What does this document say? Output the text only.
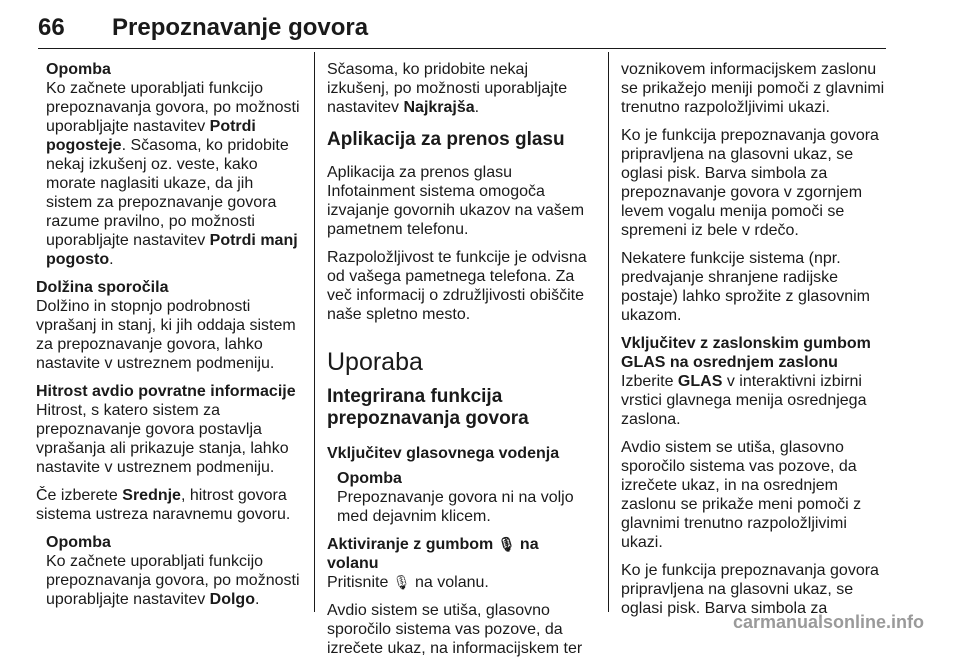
66 Prepoznavanje govora
Opomba
Ko začnete uporabljati funkcijo prepoznavanja govora, po možnosti uporabljajte nastavitev Potrdi pogosteje. Sčasoma, ko pridobite nekaj izkušenj oz. veste, kako morate naglasiti ukaze, da jih sistem za prepoznavanje govora razume pravilno, po možnosti uporabljajte nastavitev Potrdi manj pogosto.
Dolžina sporočila
Dolžino in stopnjo podrobnosti vprašanj in stanj, ki jih oddaja sistem za prepoznavanje govora, lahko nastavite v ustreznem podmeniju.
Hitrost avdio povratne informacije
Hitrost, s katero sistem za prepoznavanje govora postavlja vprašanja ali prikazuje stanja, lahko nastavite v ustreznem podmeniju.

Če izberete Srednje, hitrost govora sistema ustreza naravnemu govoru.

Opomba
Ko začnete uporabljati funkcijo prepoznavanja govora, po možnosti uporabljajte nastavitev Dolgo.

Sčasoma, ko pridobite nekaj izkušenj, po možnosti uporabljajte nastavitev Najkrajša.

Aplikacija za prenos glasu

Aplikacija za prenos glasu Infotainment sistema omogoča izvajanje govornih ukazov na vašem pametnem telefonu.

Razpoložljivost te funkcije je odvisna od vašega pametnega telefona. Za več informacij o združljivosti obiščite naše spletno mesto.

Uporaba
Integrirana funkcija prepoznavanja govora
Vključitev glasovnega vodenja
Opomba
Prepoznavanje govora ni na voljo med dejavnim klicem.
Aktiviranje z gumbom 🎙 na volanu

Pritisnite 🎙 na volanu.

Avdio sistem se utiša, glasovno sporočilo sistema vas pozove, da izrečete ukaz, na informacijskem ter

voznikovem informacijskem zaslonu se prikažejo meniji pomoči z glavnimi trenutno razpoložljivimi ukazi.

Ko je funkcija prepoznavanja govora pripravljena na glasovni ukaz, se oglasi pisk. Barva simbola za prepoznavanje govora v zgornjem levem vogalu menija pomoči se spremeni iz bele v rdečo.

Nekatere funkcije sistema (npr. predvajanje shranjene radijske postaje) lahko sprožite z glasovnim ukazom.

Vključitev z zaslonskim gumbom GLAS na osrednjem zaslonu

Izberite GLAS v interaktivni izbirni vrstici glavnega menija osrednjega zaslona.

Avdio sistem se utiša, glasovno sporočilo sistema vas pozove, da izrečete ukaz, in na osrednjem zaslonu se prikaže meni pomoči z glavnimi trenutno razpoložljivimi ukazi.

Ko je funkcija prepoznavanja govora pripravljena na glasovni ukaz, se oglasi pisk. Barva simbola za

carmanualsonline.info
